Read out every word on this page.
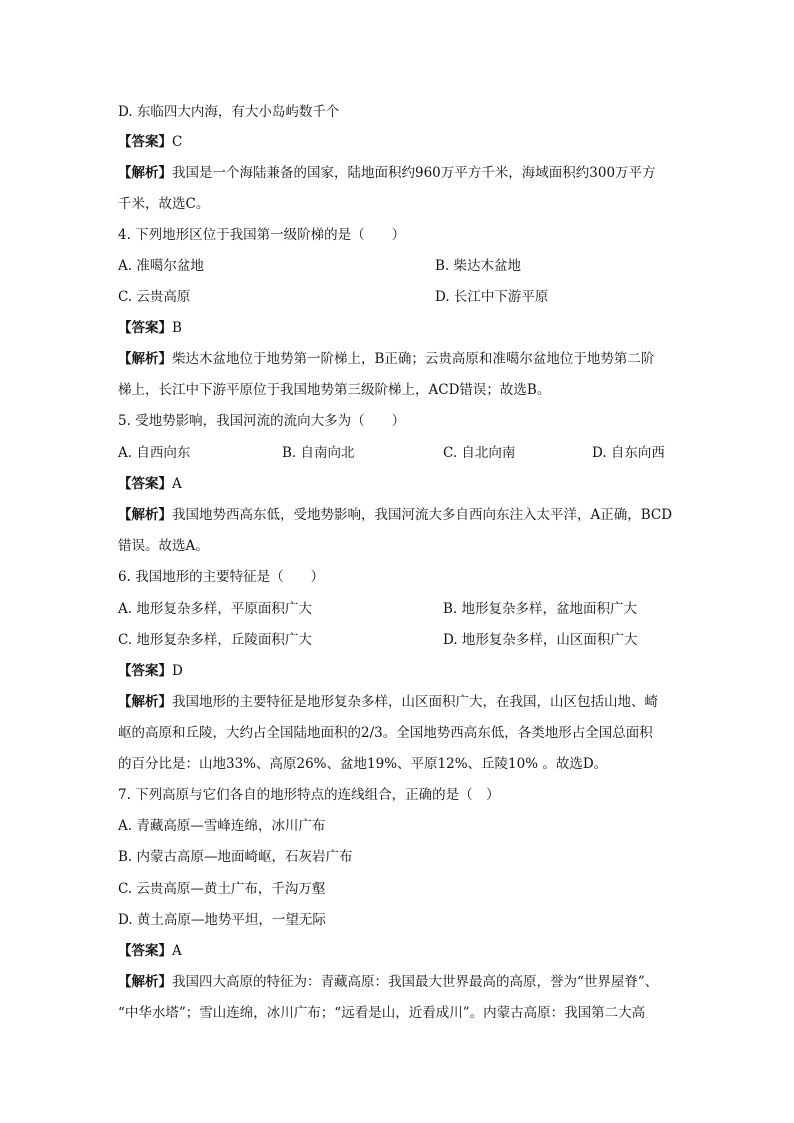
D. 东临四大内海，有大小岛屿数千个
【答案】C
【解析】我国是一个海陆兼备的国家，陆地面积约960万平方千米，海域面积约300万平方
千米，故选C。
4. 下列地形区位于我国第一级阶梯的是（　　）
A. 准噶尔盆地	B. 柴达木盆地
C. 云贵高原	D. 长江中下游平原
【答案】B
【解析】柴达木盆地位于地势第一阶梯上，B正确；云贵高原和准噶尔盆地位于地势第二阶
梯上，长江中下游平原位于我国地势第三级阶梯上，ACD错误；故选B。
5. 受地势影响，我国河流的流向大多为（　　）
A. 自西向东	B. 自南向北	C. 自北向南	D. 自东向西
【答案】A
【解析】我国地势西高东低，受地势影响，我国河流大多自西向东注入太平洋，A正确，BCD
错误。故选A。
6. 我国地形的主要特征是（　　）
A. 地形复杂多样，平原面积广大	B. 地形复杂多样，盆地面积广大
C. 地形复杂多样，丘陵面积广大	D. 地形复杂多样，山区面积广大
【答案】D
【解析】我国地形的主要特征是地形复杂多样，山区面积广大，在我国，山区包括山地、崎
岖的高原和丘陵，大约占全国陆地面积的2/3。全国地势西高东低，各类地形占全国总面积
的百分比是：山地33%、高原26%、盆地19%、平原12%、丘陵10% 。故选D。
7. 下列高原与它们各自的地形特点的连线组合，正确的是（　）
A. 青藏高原—雪峰连绵，冰川广布
B. 内蒙古高原—地面崎岖，石灰岩广布
C. 云贵高原—黄土广布，千沟万壑
D. 黄土高原—地势平坦，一望无际
【答案】A
【解析】我国四大高原的特征为：青藏高原：我国最大世界最高的高原，誉为“世界屋脊”、
“中华水塔”；雪山连绵，冰川广布；“远看是山，近看成川”。内蒙古高原：我国第二大高
